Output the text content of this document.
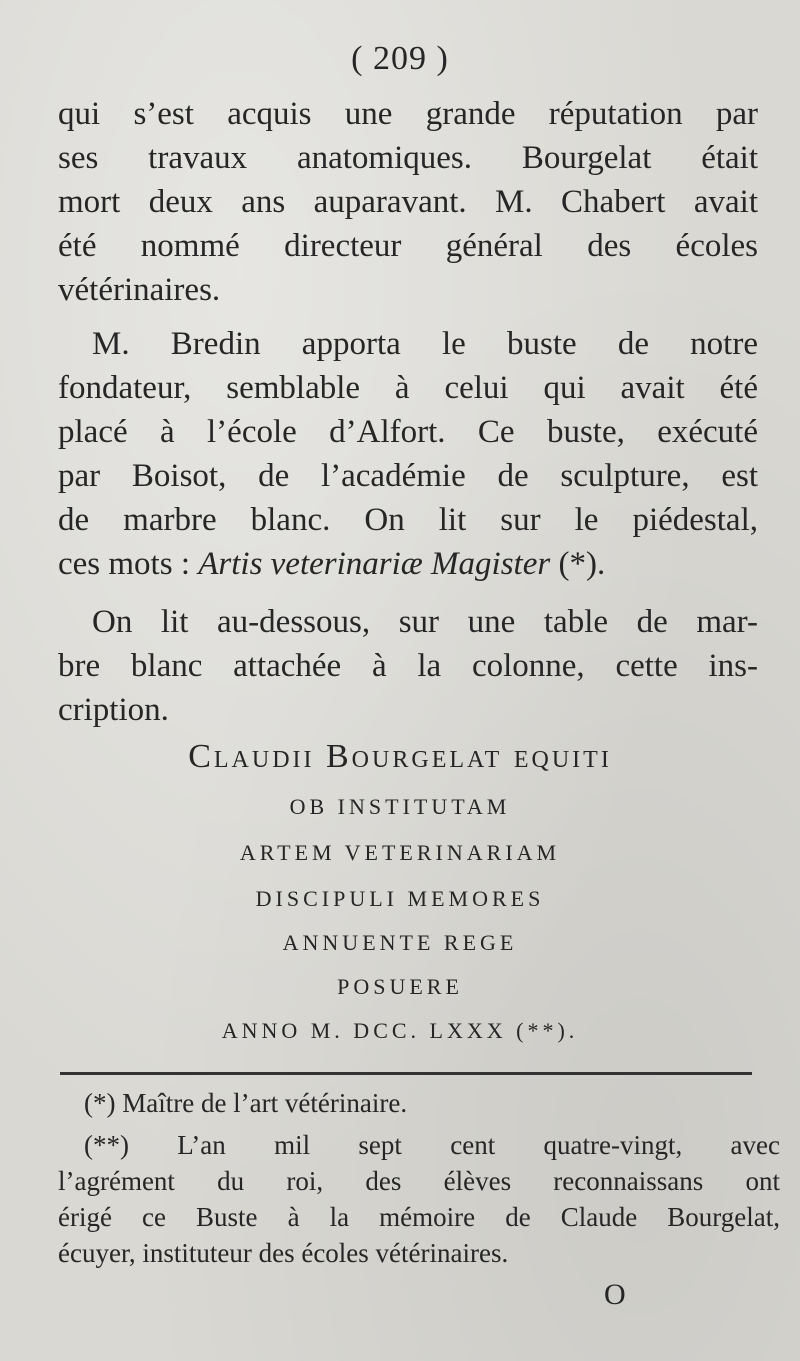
( 209 )
qui s’est acquis une grande réputation par
ses travaux anatomiques. Bourgelat était
mort deux ans auparavant. M. Chabert avait
été nommé directeur général des écoles
vétérinaires.
M. Bredin apporta le buste de notre
fondateur, semblable à celui qui avait été
placé à l’école d’Alfort. Ce buste, exécuté
par Boisot, de l’académie de sculpture, est
de marbre blanc. On lit sur le piédestal,
ces mots : Artis veterinariæ Magister (*).
On lit au-dessous, sur une table de mar-
bre blanc attachée à la colonne, cette ins-
cription.
Claudii Bourgelat equiti
OB INSTITUTAM
ARTEM VETERINARIAM
DISCIPULI MEMORES
ANNUENTE REGE
POSUERE
ANNO M. DCC. LXXX (**).
(*) Maître de l’art vétérinaire.
(**) L’an mil sept cent quatre-vingt, avec
l’agrément du roi, des élèves reconnaissans ont
érigé ce Buste à la mémoire de Claude Bourgelat,
écuyer, instituteur des écoles vétérinaires.
O
